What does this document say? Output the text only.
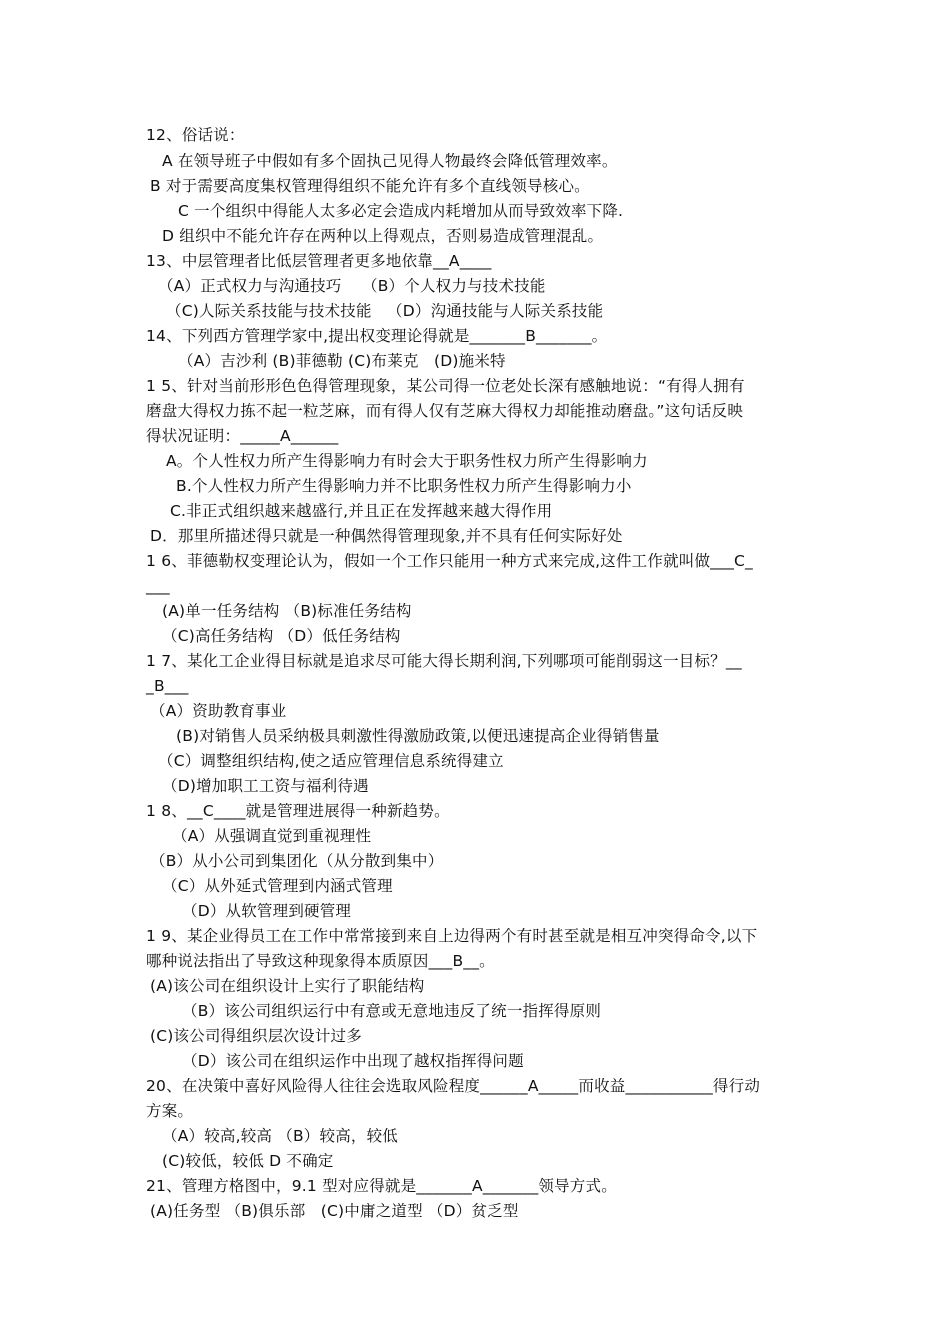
12、俗话说：
A 在领导班子中假如有多个固执己见得人物最终会降低管理效率。
B 对于需要高度集权管理得组织不能允许有多个直线领导核心。
C 一个组织中得能人太多必定会造成内耗增加从而导致效率下降.
D 组织中不能允许存在两种以上得观点，否则易造成管理混乱。
13、中层管理者比低层管理者更多地依靠__A____
（A）正式权力与沟通技巧    （B）个人权力与技术技能
（C)人际关系技能与技术技能   （D）沟通技能与人际关系技能
14、下列西方管理学家中,提出权变理论得就是_______B_______。
（A）吉沙利 (B)菲德勒 (C)布莱克   (D)施米特
1 5、针对当前形形色色得管理现象，某公司得一位老处长深有感触地说：“有得人拥有
磨盘大得权力拣不起一粒芝麻，而有得人仅有芝麻大得权力却能推动磨盘。”这句话反映
得状况证明：_____A______
A。个人性权力所产生得影响力有时会大于职务性权力所产生得影响力
B.个人性权力所产生得影响力并不比职务性权力所产生得影响力小
C.非正式组织越来越盛行,并且正在发挥越来越大得作用
D．那里所描述得只就是一种偶然得管理现象,并不具有任何实际好处
1 6、菲德勒权变理论认为，假如一个工作只能用一种方式来完成,这件工作就叫做___C_
___
(A)单一任务结构 （B)标准任务结构
（C)高任务结构 （D）低任务结构
1 7、某化工企业得目标就是追求尽可能大得长期利润,下列哪项可能削弱这一目标？__
_B___
（A）资助教育事业
(B)对销售人员采纳极具刺激性得激励政策,以便迅速提高企业得销售量
（C）调整组织结构,使之适应管理信息系统得建立
（D)增加职工工资与福利待遇
1 8、__C____就是管理进展得一种新趋势。
（A）从强调直觉到重视理性
（B）从小公司到集团化（从分散到集中）
（C）从外延式管理到内涵式管理
（D）从软管理到硬管理
1 9、某企业得员工在工作中常常接到来自上边得两个有时甚至就是相互冲突得命令,以下
哪种说法指出了导致这种现象得本质原因___B__。
(A)该公司在组织设计上实行了职能结构
（B）该公司组织运行中有意或无意地违反了统一指挥得原则
(C)该公司得组织层次设计过多
（D）该公司在组织运作中出现了越权指挥得问题
20、在决策中喜好风险得人往往会选取风险程度______A_____而收益___________得行动
方案。
（A）较高,较高 （B）较高，较低
(C)较低，较低 D 不确定
21、管理方格图中，9.1 型对应得就是_______A_______领导方式。
(A)任务型 （B)俱乐部   (C)中庸之道型 （D）贫乏型
